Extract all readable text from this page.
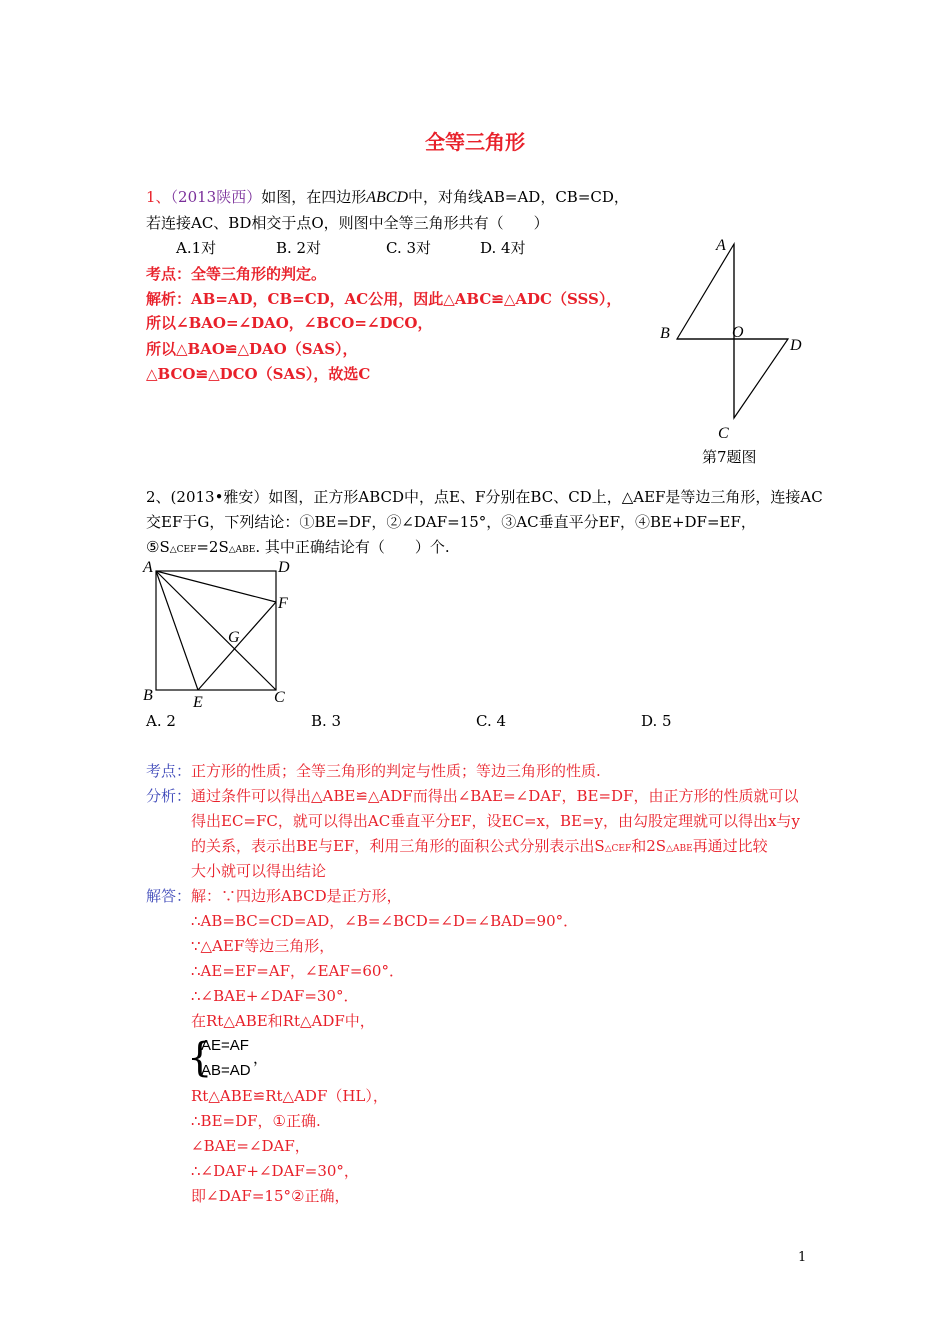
全等三角形
1、（2013陕西）如图，在四边形ABCD中，对角线AB=AD，CB=CD，
若连接AC、BD相交于点O，则图中全等三角形共有（　　）
A.1对	B. 2对	C. 3对	D. 4对
考点：全等三角形的判定。
解析：AB=AD，CB=CD，AC公用，因此△ABC≌△ADC（SSS），
所以∠BAO=∠DAO，∠BCO=∠DCO，
所以△BAO≌△DAO（SAS），
△BCO≌△DCO（SAS），故选C
A
B	O
D
C
第7题图
2、(2013•雅安）如图，正方形ABCD中，点E、F分别在BC、CD上，△AEF是等边三角形，连接AC
交EF于G，下列结论：①BE=DF，②∠DAF=15°，③AC垂直平分EF，④BE+DF=EF，
⑤S△CEF=2S△ABE. 其中正确结论有（　　）个.
A	D
F
G
B	E	C
A. 2	B. 3	C. 4	D. 5
考点：正方形的性质；全等三角形的判定与性质；等边三角形的性质.
分析： 通过条件可以得出△ABE≌△ADF而得出∠BAE=∠DAF，BE=DF，由正方形的性质就可以
得出EC=FC，就可以得出AC垂直平分EF，设EC=x，BE=y，由勾股定理就可以得出x与y
的关系，表示出BE与EF，利用三角形的面积公式分别表示出S△CEF和2S△ABE再通过比较
大小就可以得出结论
解答： 解：∵四边形ABCD是正方形，
∴AB=BC=CD=AD，∠B=∠BCD=∠D=∠BAD=90°．
∵△AEF等边三角形，
∴AE=EF=AF，∠EAF=60°．
∴∠BAE+∠DAF=30°．
在Rt△ABE和Rt△ADF中，
{
AE=AF
AB=AD
，
Rt△ABE≌Rt△ADF（HL），
∴BE=DF，①正确.
∠BAE=∠DAF，
∴∠DAF+∠DAF=30°，
即∠DAF=15°②正确，
1
